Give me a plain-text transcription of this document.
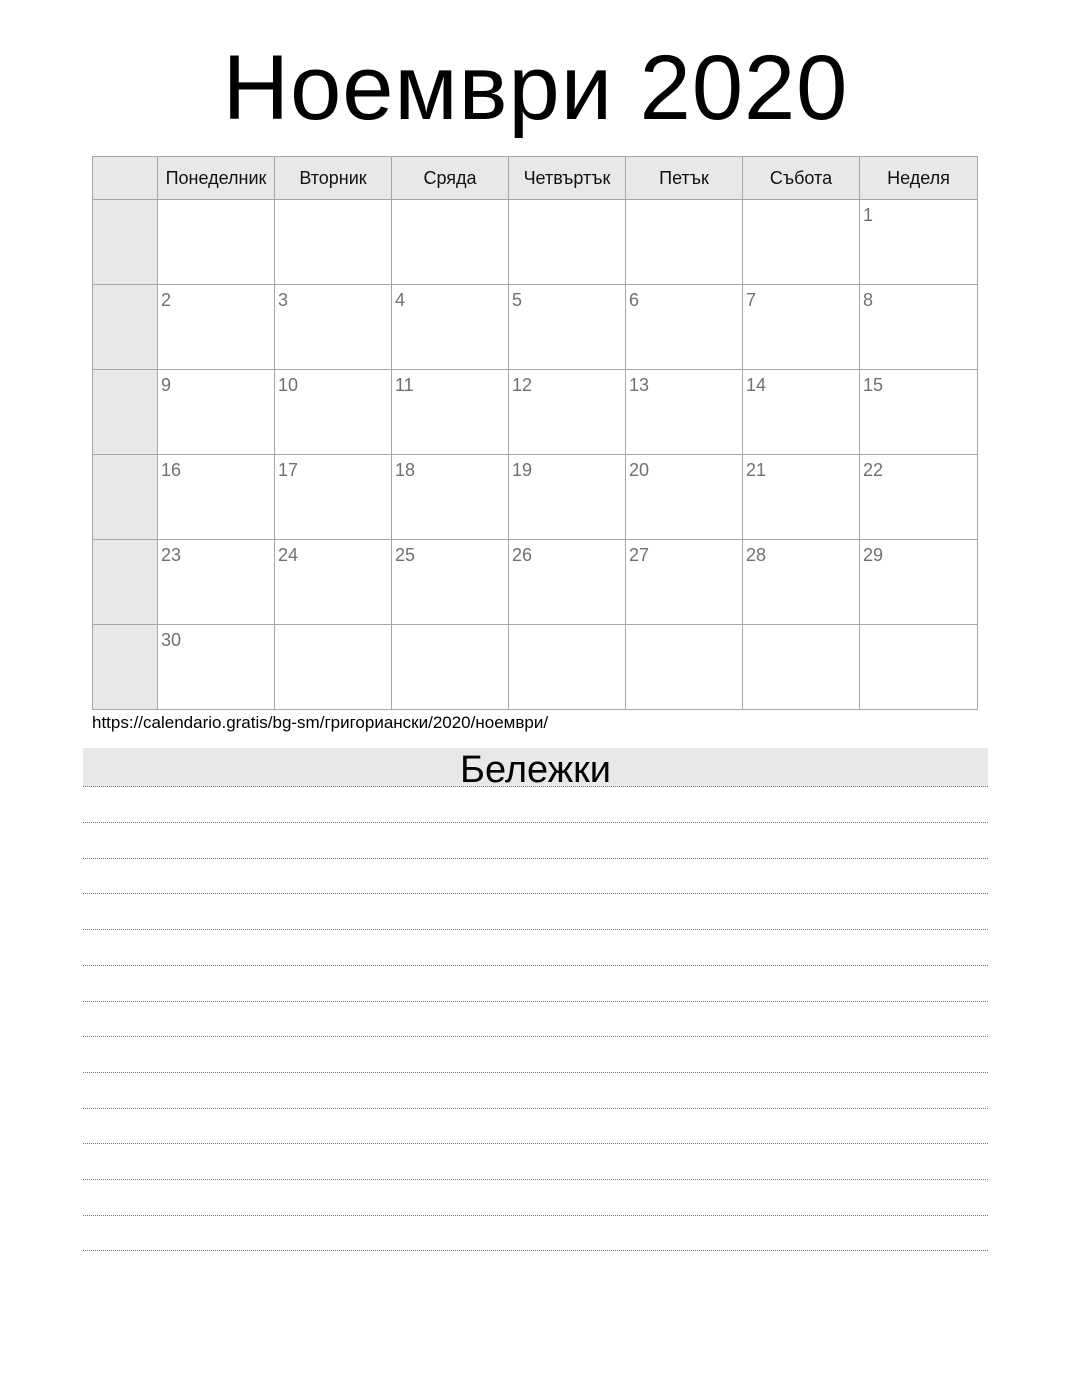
Ноември 2020
	Понеделник	Вторник	Сряда	Четвъртък	Петък	Събота	Неделя

							1

	2	3	4	5	6	7	8

	9	10	11	12	13	14	15

	16	17	18	19	20	21	22

	23	24	25	26	27	28	29

	30						

https://calendario.gratis/bg-sm/григориански/2020/ноември/
Бележки
